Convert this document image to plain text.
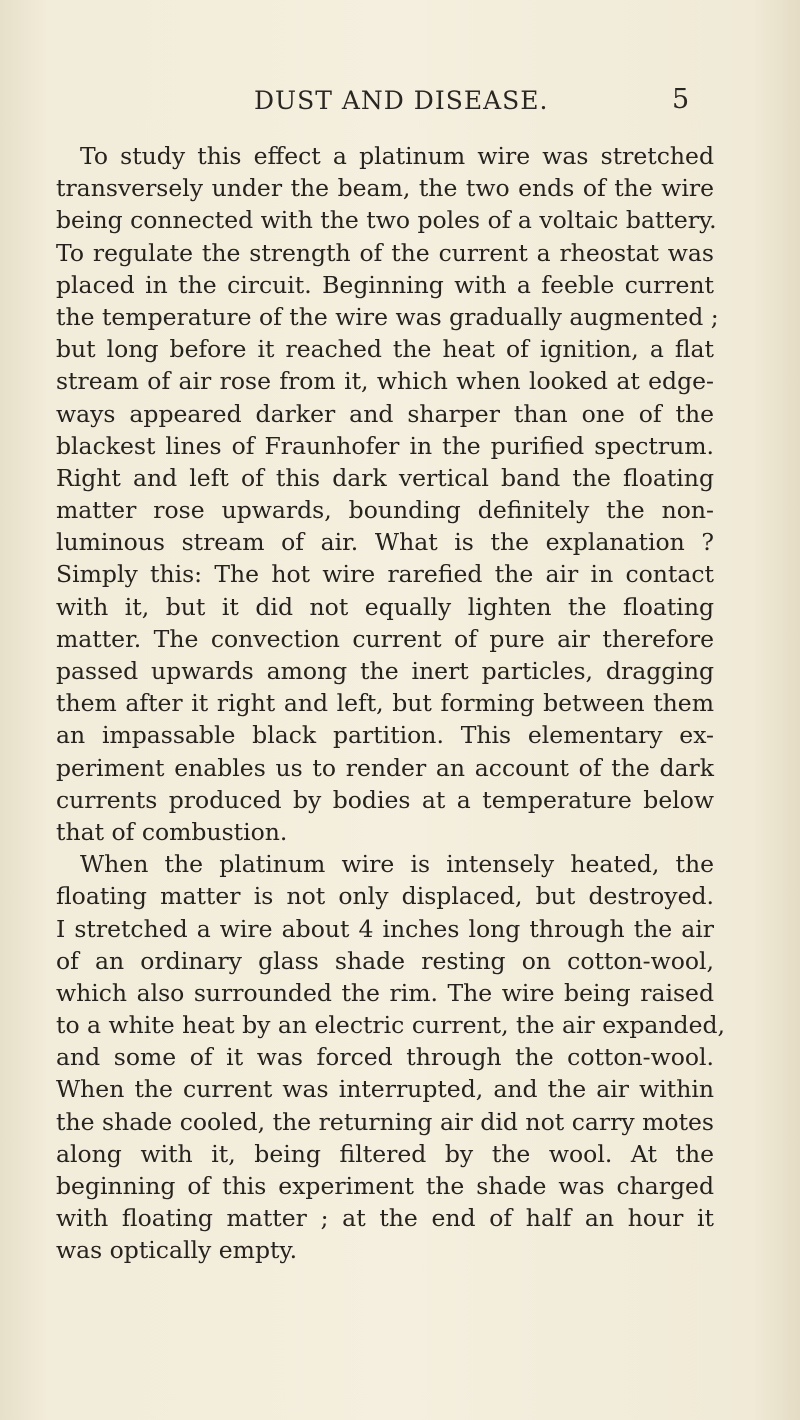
DUST AND DISEASE.	5
To study this effect a platinum wire was stretched
transversely under the beam, the two ends of the wire
being connected with the two poles of a voltaic battery.
To regulate the strength of the current a rheostat was
placed in the circuit. Beginning with a feeble current
the temperature of the wire was gradually augmented ;
but long before it reached the heat of ignition, a flat
stream of air rose from it, which when looked at edge-
ways appeared darker and sharper than one of the
blackest lines of Fraunhofer in the purified spectrum.
Right and left of this dark vertical band the floating
matter rose upwards, bounding definitely the non-
luminous stream of air. What is the explanation ?
Simply this: The hot wire rarefied the air in contact
with it, but it did not equally lighten the floating
matter. The convection current of pure air therefore
passed upwards among the inert particles, dragging
them after it right and left, but forming between them
an impassable black partition. This elementary ex-
periment enables us to render an account of the dark
currents produced by bodies at a temperature below
that of combustion.
When the platinum wire is intensely heated, the
floating matter is not only displaced, but destroyed.
I stretched a wire about 4 inches long through the air
of an ordinary glass shade resting on cotton-wool,
which also surrounded the rim. The wire being raised
to a white heat by an electric current, the air expanded,
and some of it was forced through the cotton-wool.
When the current was interrupted, and the air within
the shade cooled, the returning air did not carry motes
along with it, being filtered by the wool. At the
beginning of this experiment the shade was charged
with floating matter ; at the end of half an hour it
was optically empty.
